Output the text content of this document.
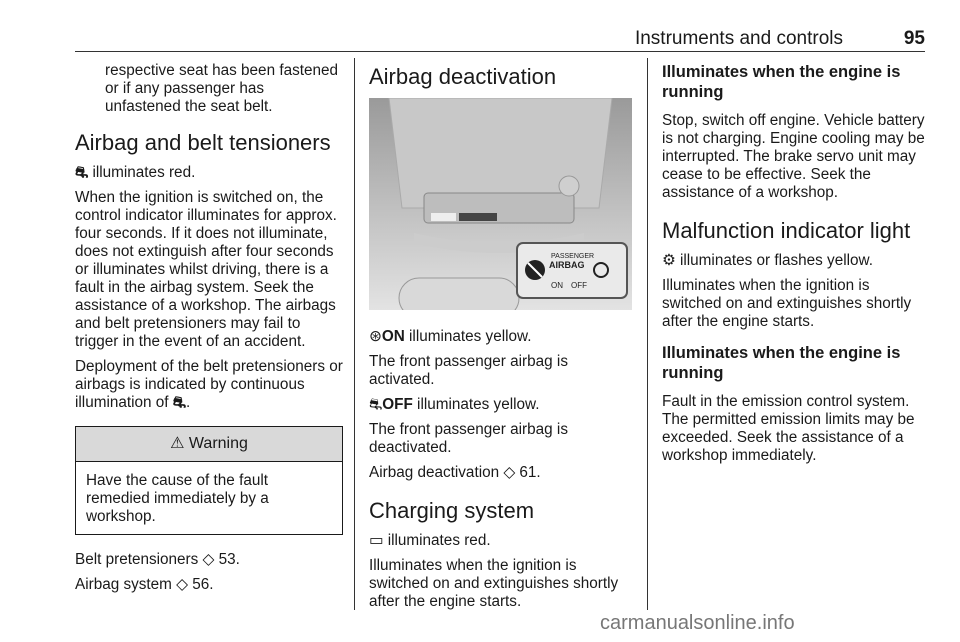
Instruments and controls	95

respective seat has been fastened or if any passenger has unfastened the seat belt.

Airbag and belt tensioners

⛐ illuminates red.

When the ignition is switched on, the control indicator illuminates for approx. four seconds. If it does not illuminate, does not extinguish after four seconds or illuminates whilst driving, there is a fault in the airbag system. Seek the assistance of a workshop. The airbags and belt pretensioners may fail to trigger in the event of an accident.

Deployment of the belt pretensioners or airbags is indicated by continuous illumination of ⛐.

⚠ Warning
Have the cause of the fault remedied immediately by a workshop.

Belt pretensioners ◇ 53.

Airbag system ◇ 56.

Airbag deactivation
PASSENGER
AIRBAG
ON OFF

⊛ON illuminates yellow.

The front passenger airbag is activated.

⛐OFF illuminates yellow.

The front passenger airbag is deactivated.

Airbag deactivation ◇ 61.

Charging system

▭ illuminates red.

Illuminates when the ignition is switched on and extinguishes shortly after the engine starts.

Illuminates when the engine is running

Stop, switch off engine. Vehicle battery is not charging. Engine cooling may be interrupted. The brake servo unit may cease to be effective. Seek the assistance of a workshop.

Malfunction indicator light

⚙ illuminates or flashes yellow.

Illuminates when the ignition is switched on and extinguishes shortly after the engine starts.

Illuminates when the engine is running

Fault in the emission control system. The permitted emission limits may be exceeded. Seek the assistance of a workshop immediately.

carmanualsonline.info
